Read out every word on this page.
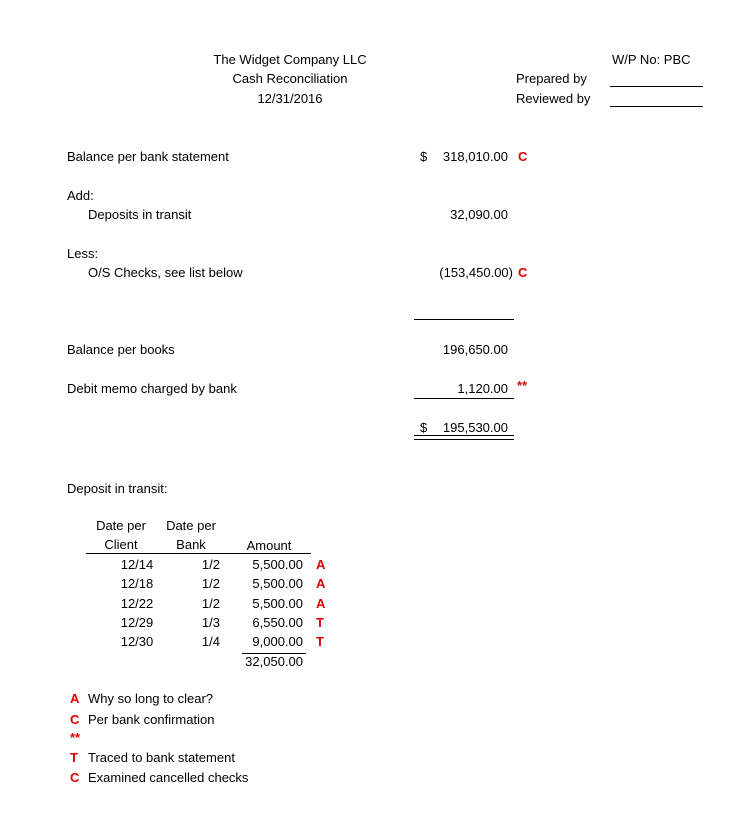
The Widget Company LLC
Cash Reconciliation
12/31/2016
W/P No: PBC
Prepared by
Reviewed by
Balance per bank statement	$	318,010.00 C
Add:
Deposits in transit	32,090.00
Less:
O/S Checks, see list below	(153,450.00) C
Balance per books	196,650.00
Debit memo charged by bank	1,120.00 **
$	195,530.00
Deposit in transit:
Date per
Client
Date per
Bank	Amount
12/14	1/2	5,500.00 A
12/18	1/2	5,500.00 A
12/22	1/2	5,500.00 A
12/29	1/3	6,550.00 T
12/30	1/4	9,000.00 T
32,050.00
A Why so long to clear?
C Per bank confirmation
**
T Traced to bank statement
C Examined cancelled checks
